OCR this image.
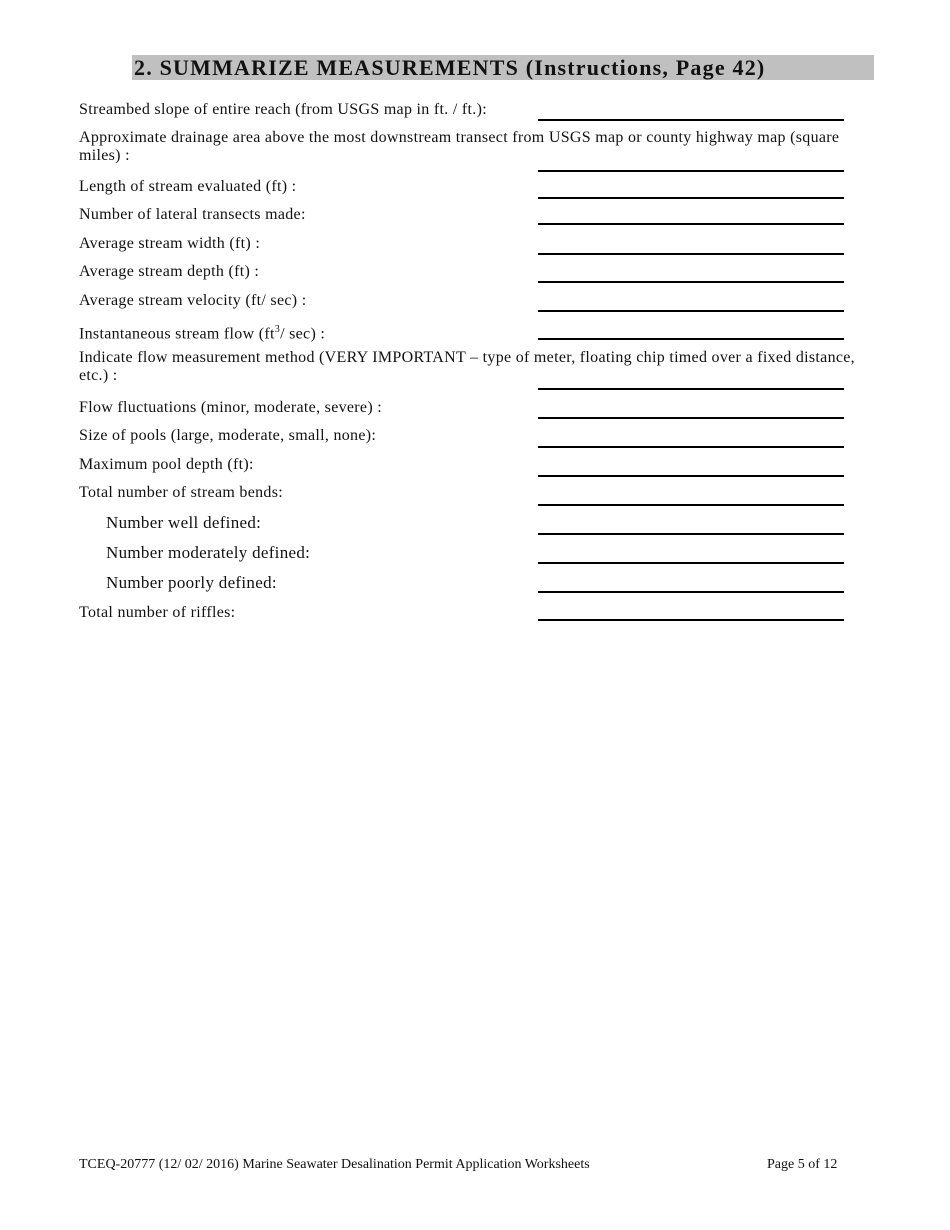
2. SUMMARIZE MEASUREMENTS (Instructions, Page 42)
Streambed slope of entire reach (from USGS map in ft. / ft.):
Approximate drainage area above the most downstream transect from USGS map or county highway map (square miles) :
Length of stream evaluated (ft) :
Number of lateral transects made:
Average stream width (ft) :
Average stream depth (ft) :
Average stream velocity (ft/ sec) :
Instantaneous stream flow ($ft^3/$ sec) :
Indicate flow measurement method (VERY IMPORTANT – type of meter, floating chip timed over a fixed distance, etc.) :
Flow fluctuations (minor, moderate, severe) :
Size of pools (large, moderate, small, none):
Maximum pool depth (ft):
Total number of stream bends:
Number well defined:
Number moderately defined:
Number poorly defined:
Total number of riffles:
TCEQ-20777 (12/ 02/ 2016) Marine Seawater Desalination Permit Application Worksheets	Page 5 of 12
